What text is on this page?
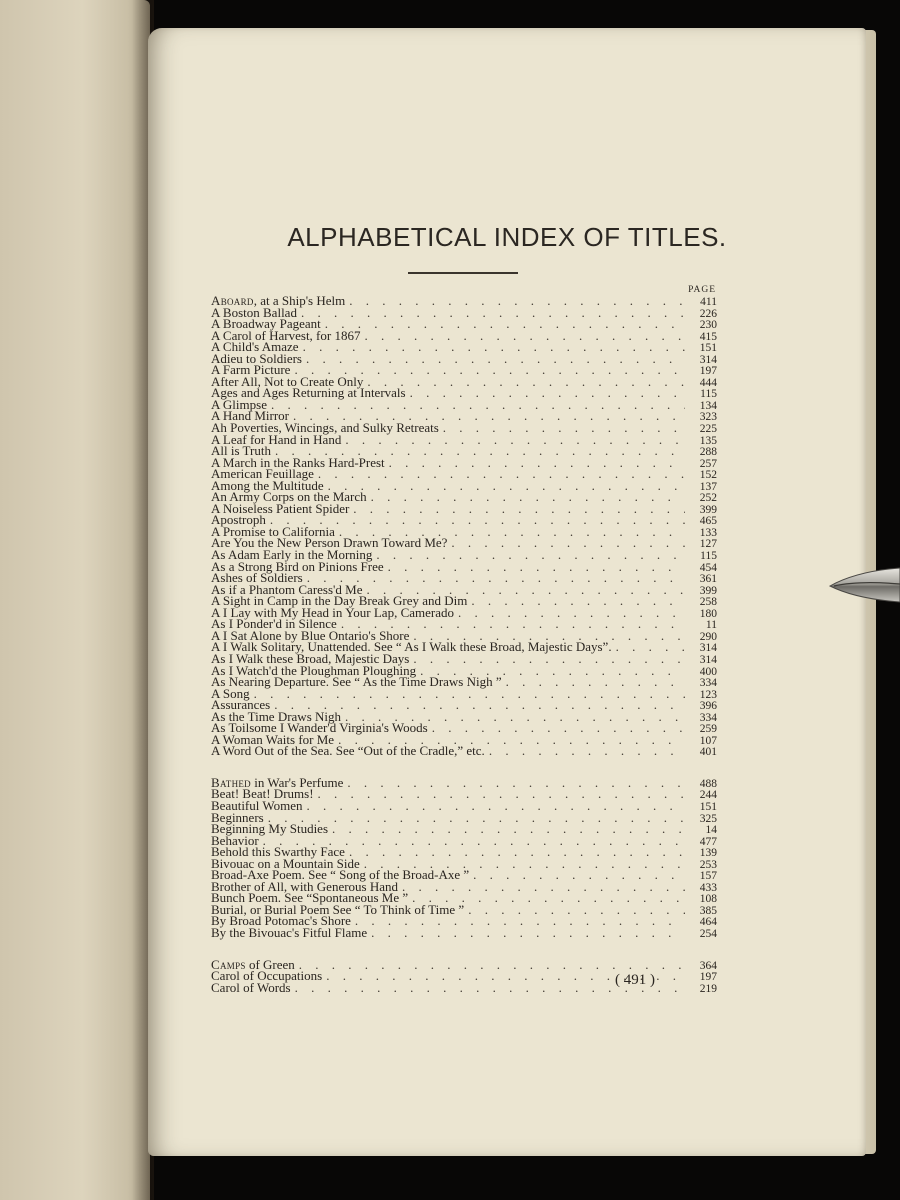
ALPHABETICAL INDEX OF TITLES.
PAGE
Aboard, at a Ship's Helm . . .	411
A Boston Ballad . . .	226
A Broadway Pageant . . .	230
A Carol of Harvest, for 1867 . . .	415
A Child's Amaze . . .	151
Adieu to Soldiers . . .	314
A Farm Picture . . .	197
After All, Not to Create Only . . .	444
Ages and Ages Returning at Intervals . . .	115
A Glimpse . . .	134
A Hand Mirror . . .	323
Ah Poverties, Wincings, and Sulky Retreats . . .	225
A Leaf for Hand in Hand . . .	135
All is Truth . . .	288
A March in the Ranks Hard-Prest . . .	257
American Feuillage . . .	152
Among the Multitude . . .	137
An Army Corps on the March . . .	252
A Noiseless Patient Spider . . .	399
Apostroph . . .	465
A Promise to California . . .	133
Are You the New Person Drawn Toward Me? . . .	127
As Adam Early in the Morning . . .	115
As a Strong Bird on Pinions Free . . .	454
Ashes of Soldiers . . .	361
As if a Phantom Caress'd Me . . .	399
A Sight in Camp in the Day Break Grey and Dim . . .	258
A I Lay with My Head in Your Lap, Camerado . . .	180
As I Ponder'd in Silence . . .	11
A I Sat Alone by Blue Ontario's Shore . . .	290
A I Walk Solitary, Unattended. See “ As I Walk these Broad, Majestic Days”. . . .	314
As I Walk these Broad, Majestic Days . . .	314
As I Watch'd the Ploughman Ploughing . . .	400
As Nearing Departure. See “ As the Time Draws Nigh ” . . .	334
A Song . . .	123
Assurances . . .	396
As the Time Draws Nigh . . .	334
As Toilsome I Wander'd Virginia's Woods . . .	259
A Woman Waits for Me . . .	107
A Word Out of the Sea. See “Out of the Cradle,” etc. . . .	401
Bathed in War's Perfume . . .	488
Beat! Beat! Drums! . . .	244
Beautiful Women . . .	151
Beginners . . .	325
Beginning My Studies . . .	14
Behavior . . .	477
Behold this Swarthy Face . . .	139
Bivouac on a Mountain Side . . .	253
Broad-Axe Poem. See “ Song of the Broad-Axe ” . . .	157
Brother of All, with Generous Hand . . .	433
Bunch Poem. See “Spontaneous Me ” . . .	108
Burial, or Burial Poem See “ To Think of Time ” . . .	385
By Broad Potomac's Shore . . .	464
By the Bivouac's Fitful Flame . . .	254
Camps of Green . . .	364
Carol of Occupations . . .	197
Carol of Words . . .	219
( 491 )
